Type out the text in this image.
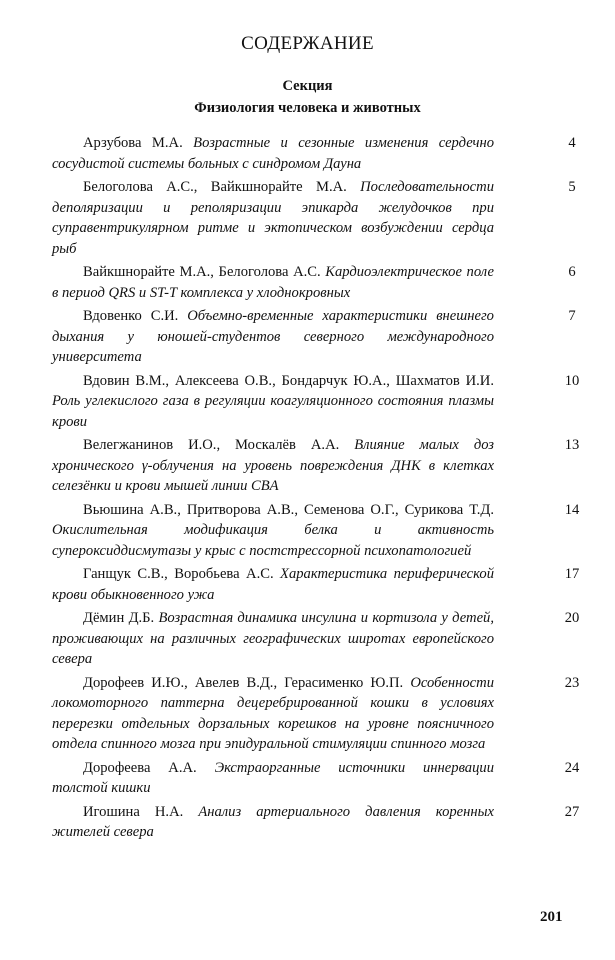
СОДЕРЖАНИЕ
Секция
Физиология человека и животных
Арзубова М.А. Возрастные и сезонные изменения сердечно сосудистой системы больных с синдромом Дауна
4
Белоголова А.С., Вайкшнорайте М.А. Последовательности деполяризации и реполяризации эпикарда желудочков при суправентрикулярном ритме и эктопическом возбуждении сердца рыб
5
Вайкшнорайте М.А., Белоголова А.С. Кардиоэлектрическое поле в период QRS и ST-T комплекса у хлоднокровных
6
Вдовенко С.И. Объемно-временные характеристики внешнего дыхания у юношей-студентов северного международного университета
7
Вдовин В.М., Алексеева О.В., Бондарчук Ю.А., Шахматов И.И. Роль углекислого газа в регуляции коагуляционного состояния плазмы крови
10
Велегжанинов И.О., Москалёв А.А. Влияние малых доз хронического γ-облучения на уровень повреждения ДНК в клетках селезёнки и крови мышей линии CBA
13
Вьюшина А.В., Притворова А.В., Семенова О.Г., Сурикова Т.Д. Окислительная модификация белка и активность супероксиддисмутазы у крыс с постстрессорной психопатологией
14
Ганщук С.В., Воробьева А.С. Характеристика периферической крови обыкновенного ужа
17
Дёмин Д.Б. Возрастная динамика инсулина и кортизола у детей, проживающих на различных географических широтах европейского севера
20
Дорофеев И.Ю., Авелев В.Д., Герасименко Ю.П. Особенности локомоторного паттерна децеребрированной кошки в условиях перерезки отдельных дорзальных корешков на уровне поясничного отдела спинного мозга при эпидуральной стимуляции спинного мозга
23
Дорофеева А.А. Экстраорганные источники иннервации толстой кишки
24
Игошина Н.А. Анализ артериального давления коренных жителей севера
27
201
